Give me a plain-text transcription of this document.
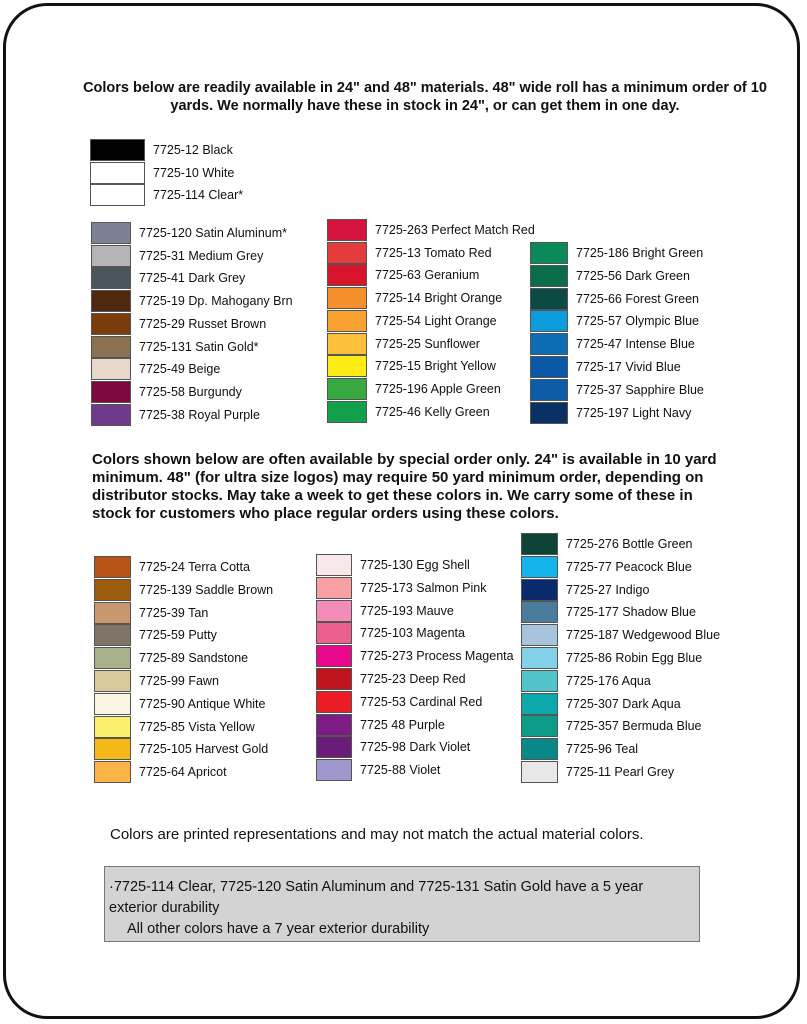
Colors below are readily available in 24" and 48" materials. 48" wide roll has a minimum order of 10 yards. We normally have these in stock in 24", or can get them in one day.
Colors shown below are often available by special order only. 24" is available in 10 yard minimum. 48" (for ultra size logos) may require 50 yard minimum order, depending on distributor stocks. May take a week to get these colors in. We carry some of these in stock for customers who place regular orders using these colors.
Colors are printed representations and may not match the actual material colors.
·7725-114 Clear, 7725-120 Satin Aluminum and 7725-131 Satin Gold have a 5 year
exterior durability
All other colors have a 7 year exterior durability
7725-12 Black
7725-10 White
7725-114 Clear*
7725-120 Satin Aluminum*
7725-31 Medium Grey
7725-41 Dark Grey
7725-19 Dp. Mahogany Brn
7725-29 Russet Brown
7725-131 Satin Gold*
7725-49 Beige
7725-58 Burgundy
7725-38 Royal Purple
7725-263 Perfect Match Red
7725-13 Tomato Red
7725-63 Geranium
7725-14 Bright Orange
7725-54 Light Orange
7725-25 Sunflower
7725-15 Bright Yellow
7725-196 Apple Green
7725-46 Kelly Green
7725-186 Bright Green
7725-56 Dark Green
7725-66 Forest Green
7725-57 Olympic Blue
7725-47 Intense Blue
7725-17 Vivid Blue
7725-37 Sapphire Blue
7725-197 Light Navy
7725-24 Terra Cotta
7725-139 Saddle Brown
7725-39 Tan
7725-59 Putty
7725-89 Sandstone
7725-99 Fawn
7725-90 Antique White
7725-85 Vista Yellow
7725-105 Harvest Gold
7725-64 Apricot
7725-130 Egg Shell
7725-173 Salmon Pink
7725-193 Mauve
7725-103 Magenta
7725-273 Process Magenta
7725-23 Deep Red
7725-53 Cardinal Red
7725 48 Purple
7725-98 Dark Violet
7725-88 Violet
7725-276 Bottle Green
7725-77 Peacock Blue
7725-27 Indigo
7725-177 Shadow Blue
7725-187 Wedgewood Blue
7725-86 Robin Egg Blue
7725-176 Aqua
7725-307 Dark Aqua
7725-357 Bermuda Blue
7725-96 Teal
7725-11 Pearl Grey
